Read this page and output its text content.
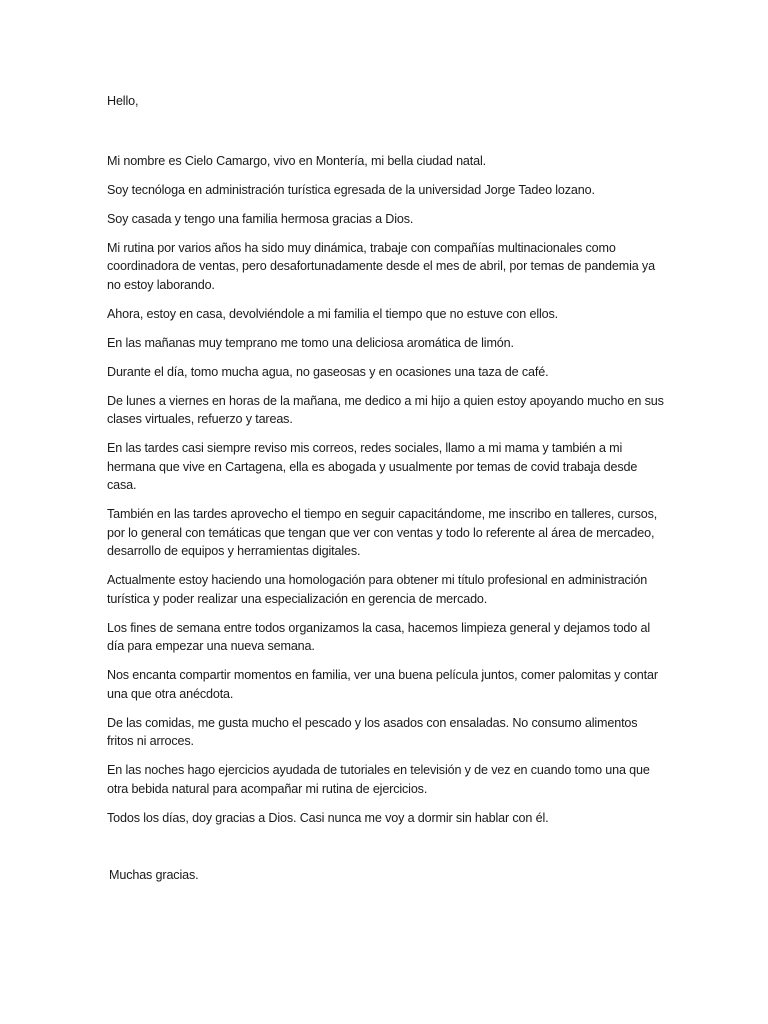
Hello,

Mi nombre es Cielo Camargo, vivo en Montería, mi bella ciudad natal.

Soy tecnóloga en administración turística egresada de la universidad Jorge Tadeo lozano.

Soy casada y tengo una familia hermosa gracias a Dios.

Mi rutina por varios años ha sido muy dinámica, trabaje con compañías multinacionales como coordinadora de ventas, pero desafortunadamente desde el mes de abril, por temas de pandemia ya no estoy laborando.

Ahora, estoy en casa, devolviéndole a mi familia el tiempo que no estuve con ellos.

En las mañanas muy temprano me tomo una deliciosa aromática de limón.

Durante el día, tomo mucha agua, no gaseosas y en ocasiones una taza de café.

De lunes a viernes en horas de la mañana, me dedico a mi hijo a quien estoy apoyando mucho en sus clases virtuales, refuerzo y tareas.

En las tardes casi siempre reviso mis correos, redes sociales, llamo a mi mama y también a mi hermana que vive en Cartagena, ella es abogada y usualmente por temas de covid trabaja desde casa.

También en las tardes aprovecho el tiempo en seguir capacitándome, me inscribo en talleres, cursos, por lo general con temáticas que tengan que ver con ventas y todo lo referente al área de mercadeo, desarrollo de equipos y herramientas digitales.

Actualmente estoy haciendo una homologación para obtener mi título profesional en administración turística y poder realizar una especialización en gerencia de mercado.

Los fines de semana entre todos organizamos la casa, hacemos limpieza general y dejamos todo al día para empezar una nueva semana.

Nos encanta compartir momentos en familia, ver una buena película juntos, comer palomitas y contar una que otra anécdota.

De las comidas, me gusta mucho el pescado y los asados con ensaladas. No consumo alimentos fritos ni arroces.

En las noches hago ejercicios ayudada de tutoriales en televisión y de vez en cuando tomo una que otra bebida natural para acompañar mi rutina de ejercicios.

Todos los días, doy gracias a Dios. Casi nunca me voy a dormir sin hablar con él.

Muchas gracias.
